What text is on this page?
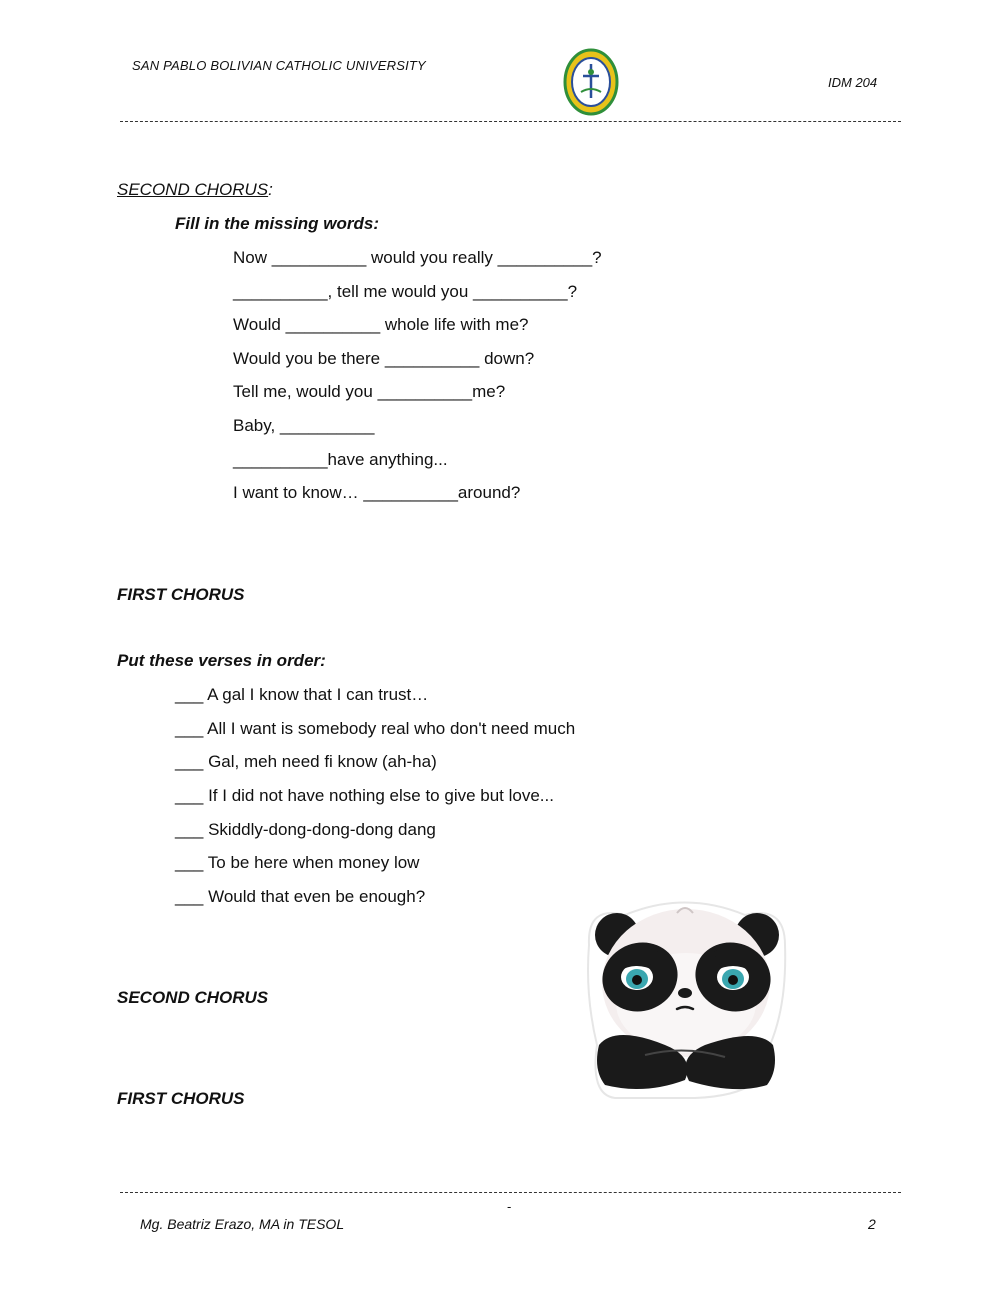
SAN PABLO BOLIVIAN CATHOLIC UNIVERSITY
IDM 204
SECOND CHORUS:
Fill in the missing words:
Now __________ would you really __________?
__________, tell me would you __________?
Would __________ whole life with me?
Would you be there __________ down?
Tell me, would you __________me?
Baby, __________
__________have anything...
I want to know… __________around?
FIRST CHORUS
Put these verses in order:
___ A gal I know that I can trust…
___ All I want is somebody real who don't need much
___ Gal, meh need fi know (ah-ha)
___ If I did not have nothing else to give but love...
___ Skiddly-dong-dong-dong dang
___ To be here when money low
___ Would that even be enough?
SECOND CHORUS
FIRST CHORUS
-
Mg. Beatriz Erazo, MA in TESOL	2
